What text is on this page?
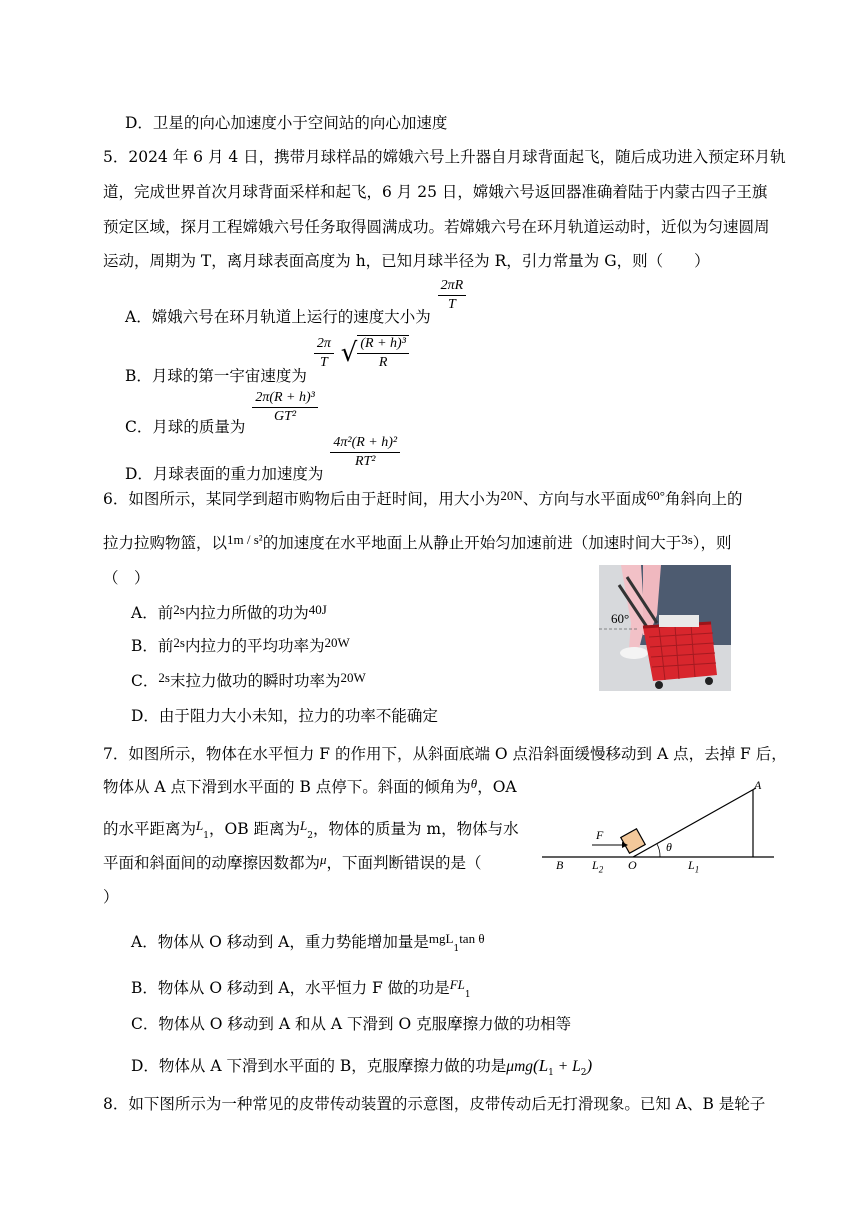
D．卫星的向心加速度小于空间站的向心加速度
5．2024 年 6 月 4 日，携带月球样品的嫦娥六号上升器自月球背面起飞，随后成功进入预定环月轨
道，完成世界首次月球背面采样和起飞，6 月 25 日，嫦娥六号返回器准确着陆于内蒙古四子王旗
预定区域，探月工程嫦娥六号任务取得圆满成功。若嫦娥六号在环月轨道运动时，近似为匀速圆周
运动，周期为 T，离月球表面高度为 h，已知月球半径为 R，引力常量为 G，则（　　）
A．嫦娥六号在环月轨道上运行的速度大小为
$\frac{2\pi R}{T}$
B．月球的第一宇宙速度为
$\frac{2\pi}{T}$ √ $\frac{\text{(R + h)³}}{R}$
C．月球的质量为
$\frac{\text{2π(R + h)³}}{\text{GT²}}$
D．月球表面的重力加速度为
$\frac{\text{4π²(R + h)²}}{\text{RT²}}$
6．如图所示，某同学到超市购物后由于赶时间，用大小为$^{20N}$、方向与水平面成$^{60^\circ}$角斜向上的
拉力拉购物篮，以$^{1m / s^2}$的加速度在水平地面上从静止开始匀加速前进（加速时间大于$^{3s}$），则
（　）
A．前$^{2s}$内拉力所做的功为$^{40J}$
B．前$^{2s}$内拉力的平均功率为$^{20W}$
C．$^{2s}$末拉力做功的瞬时功率为$^{20W}$
D．由于阻力大小未知，拉力的功率不能确定
60°
7．如图所示，物体在水平恒力 F 的作用下，从斜面底端 O 点沿斜面缓慢移动到 A 点，去掉 F 后，
物体从 A 点下滑到水平面的 B 点停下。斜面的倾角为$^\theta$，OA
的水平距离为$^L_1$，OB 距离为$^L_2$，物体的质量为 m，物体与水
平面和斜面间的动摩擦因数都为$^\mu$，下面判断错误的是（
）
A
F
θ
B $L_2$ O	$L_1$
A．物体从 O 移动到 A，重力势能增加量是$^{mgL}_1^{tan \theta}$
B．物体从 O 移动到 A，水平恒力 F 做的功是$^{FL}_1$
C．物体从 O 移动到 A 和从 A 下滑到 O 克服摩擦力做的功相等
D．物体从 A 下滑到水平面的 B，克服摩擦力做的功是$\mu mg(L_1 + L_2)$
8．如下图所示为一种常见的皮带传动装置的示意图，皮带传动后无打滑现象。已知 A、B 是轮子
